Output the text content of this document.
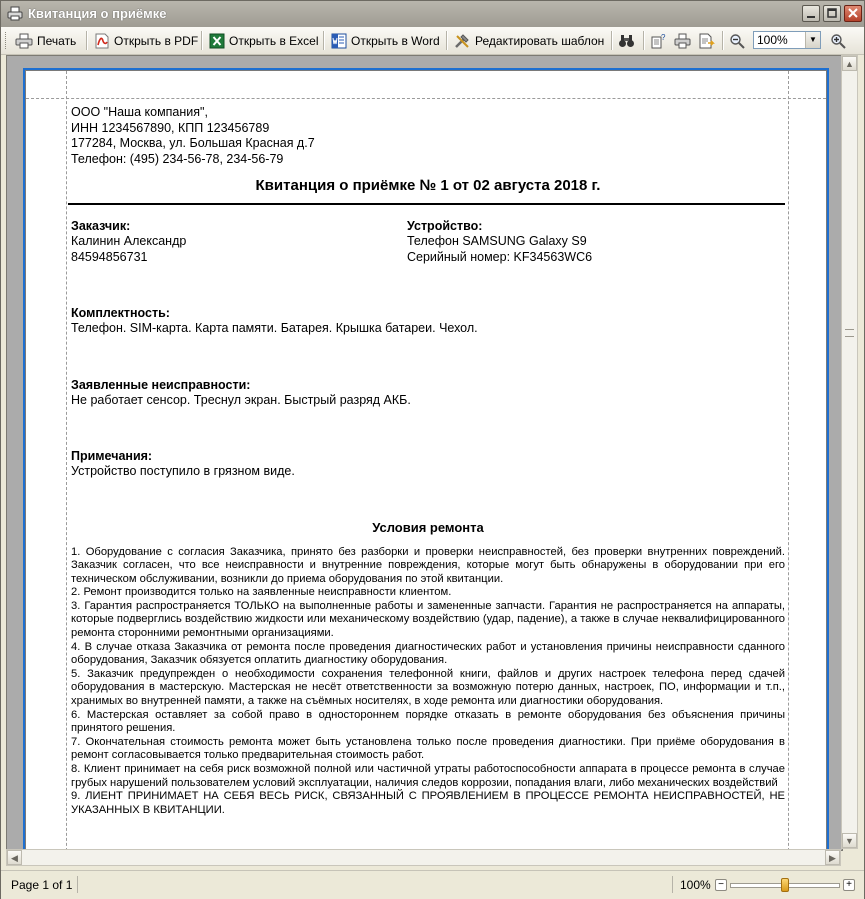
Квитанция о приёмке
Печать	Открыть в PDF	Открыть в Excel	Открыть в Word	Редактировать шаблон	?	100%	▼
ООО "Наша компания",
ИНН 1234567890, КПП 123456789
177284, Москва, ул. Большая Красная д.7
Телефон: (495) 234-56-78, 234-56-79
Квитанция о приёмке № 1 от 02 августа 2018 г.
Заказчик:
Калинин Александр
84594856731
Устройство:
Телефон SAMSUNG Galaxy S9
Серийный номер: KF34563WC6
Комплектность:
Телефон. SIM-карта. Карта памяти. Батарея. Крышка батареи. Чехол.
Заявленные неисправности:
Не работает сенсор. Треснул экран. Быстрый разряд АКБ.
Примечания:
Устройство поступило в грязном виде.
Условия ремонта
1. Оборудование с согласия Заказчика, принято без разборки и проверки неисправностей, без проверки внутренних повреждений. Заказчик согласен, что все неисправности и внутренние повреждения, которые могут быть обнаружены в оборудовании при его техническом обслуживании, возникли до приема оборудования по этой квитанции.
2. Ремонт производится только на заявленные неисправности клиентом.
3. Гарантия распространяется ТОЛЬКО на выполненные работы и замененные запчасти. Гарантия не распространяется на аппараты, которые подверглись воздействию жидкости или механическому воздействию (удар, падение), а также в случае неквалифицированного ремонта сторонними ремонтными организациями.
4. В случае отказа Заказчика от ремонта после проведения диагностических работ и установления причины неисправности сданного оборудования, Заказчик обязуется оплатить диагностику оборудования.
5. Заказчик предупрежден о необходимости сохранения телефонной книги, файлов и других настроек телефона перед сдачей оборудования в мастерскую. Мастерская не несёт ответственности за возможную потерю данных, настроек, ПО, информации и т.п., хранимых во внутренней памяти, а также на съёмных носителях, в ходе ремонта или диагностики оборудования.
6. Мастерская оставляет за собой право в одностороннем порядке отказать в ремонте оборудования без объяснения причины принятого решения.
7. Окончательная стоимость ремонта может быть установлена только после проведения диагностики. При приёме оборудования в ремонт согласовывается только предварительная стоимость работ.
8. Клиент принимает на себя риск возможной полной или частичной утраты работоспособности аппарата в процессе ремонта в случае грубых нарушений пользователем условий эксплуатации, наличия следов коррозии, попадания влаги, либо механических воздействий
9. ЛИЕНТ ПРИНИМАЕТ НА СЕБЯ ВЕСЬ РИСК, СВЯЗАННЫЙ С ПРОЯВЛЕНИЕМ В ПРОЦЕССЕ РЕМОНТА НЕИСПРАВНОСТЕЙ, НЕ УКАЗАННЫХ В КВИТАНЦИИ.
▲
▼
◀	▶
Page 1 of 1	100% −	+
